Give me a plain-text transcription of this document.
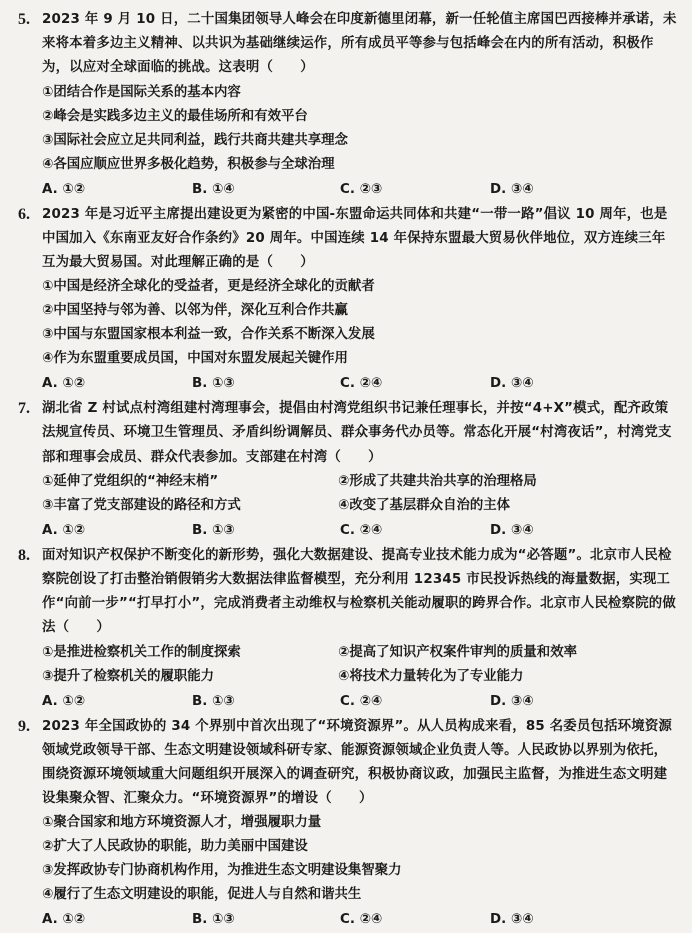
5. 2023 年 9 月 10 日，二十国集团领导人峰会在印度新德里闭幕，新一任轮值主席国巴西接棒并承诺，未来将本着多边主义精神、以共识为基础继续运作，所有成员平等参与包括峰会在内的所有活动，积极作为，以应对全球面临的挑战。这表明（　　）
①团结合作是国际关系的基本内容
②峰会是实践多边主义的最佳场所和有效平台
③国际社会应立足共同利益，践行共商共建共享理念
④各国应顺应世界多极化趋势，积极参与全球治理
A. ①②	B. ①④	C. ②③	D. ③④
6. 2023 年是习近平主席提出建设更为紧密的中国-东盟命运共同体和共建“一带一路”倡议 10 周年，也是中国加入《东南亚友好合作条约》20 周年。中国连续 14 年保持东盟最大贸易伙伴地位，双方连续三年互为最大贸易国。对此理解正确的是（　　）
①中国是经济全球化的受益者，更是经济全球化的贡献者
②中国坚持与邻为善、以邻为伴，深化互利合作共赢
③中国与东盟国家根本利益一致，合作关系不断深入发展
④作为东盟重要成员国，中国对东盟发展起关键作用
A. ①②	B. ①③	C. ②④	D. ③④
7. 湖北省 Z 村试点村湾组建村湾理事会，提倡由村湾党组织书记兼任理事长，并按“4+X”模式，配齐政策法规宣传员、环境卫生管理员、矛盾纠纷调解员、群众事务代办员等。常态化开展“村湾夜话”，村湾党支部和理事会成员、群众代表参加。支部建在村湾（　　）
①延伸了党组织的“神经末梢”	②形成了共建共治共享的治理格局
③丰富了党支部建设的路径和方式	④改变了基层群众自治的主体
A. ①②	B. ①③	C. ②④	D. ③④
8. 面对知识产权保护不断变化的新形势，强化大数据建设、提高专业技术能力成为“必答题”。北京市人民检察院创设了打击整治销假销劣大数据法律监督模型，充分利用 12345 市民投诉热线的海量数据，实现工作“向前一步”“打早打小”，完成消费者主动维权与检察机关能动履职的跨界合作。北京市人民检察院的做法（　　）
①是推进检察机关工作的制度探索	②提高了知识产权案件审判的质量和效率
③提升了检察机关的履职能力	④将技术力量转化为了专业能力
A. ①②	B. ①③	C. ②④	D. ③④
9. 2023 年全国政协的 34 个界别中首次出现了“环境资源界”。从人员构成来看，85 名委员包括环境资源领域党政领导干部、生态文明建设领域科研专家、能源资源领域企业负责人等。人民政协以界别为依托，围绕资源环境领域重大问题组织开展深入的调查研究，积极协商议政，加强民主监督，为推进生态文明建设集聚众智、汇聚众力。“环境资源界”的增设（　　）
①聚合国家和地方环境资源人才，增强履职力量
②扩大了人民政协的职能，助力美丽中国建设
③发挥政协专门协商机构作用，为推进生态文明建设集智聚力
④履行了生态文明建设的职能，促进人与自然和谐共生
A. ①②	B. ①③	C. ②④	D. ③④
